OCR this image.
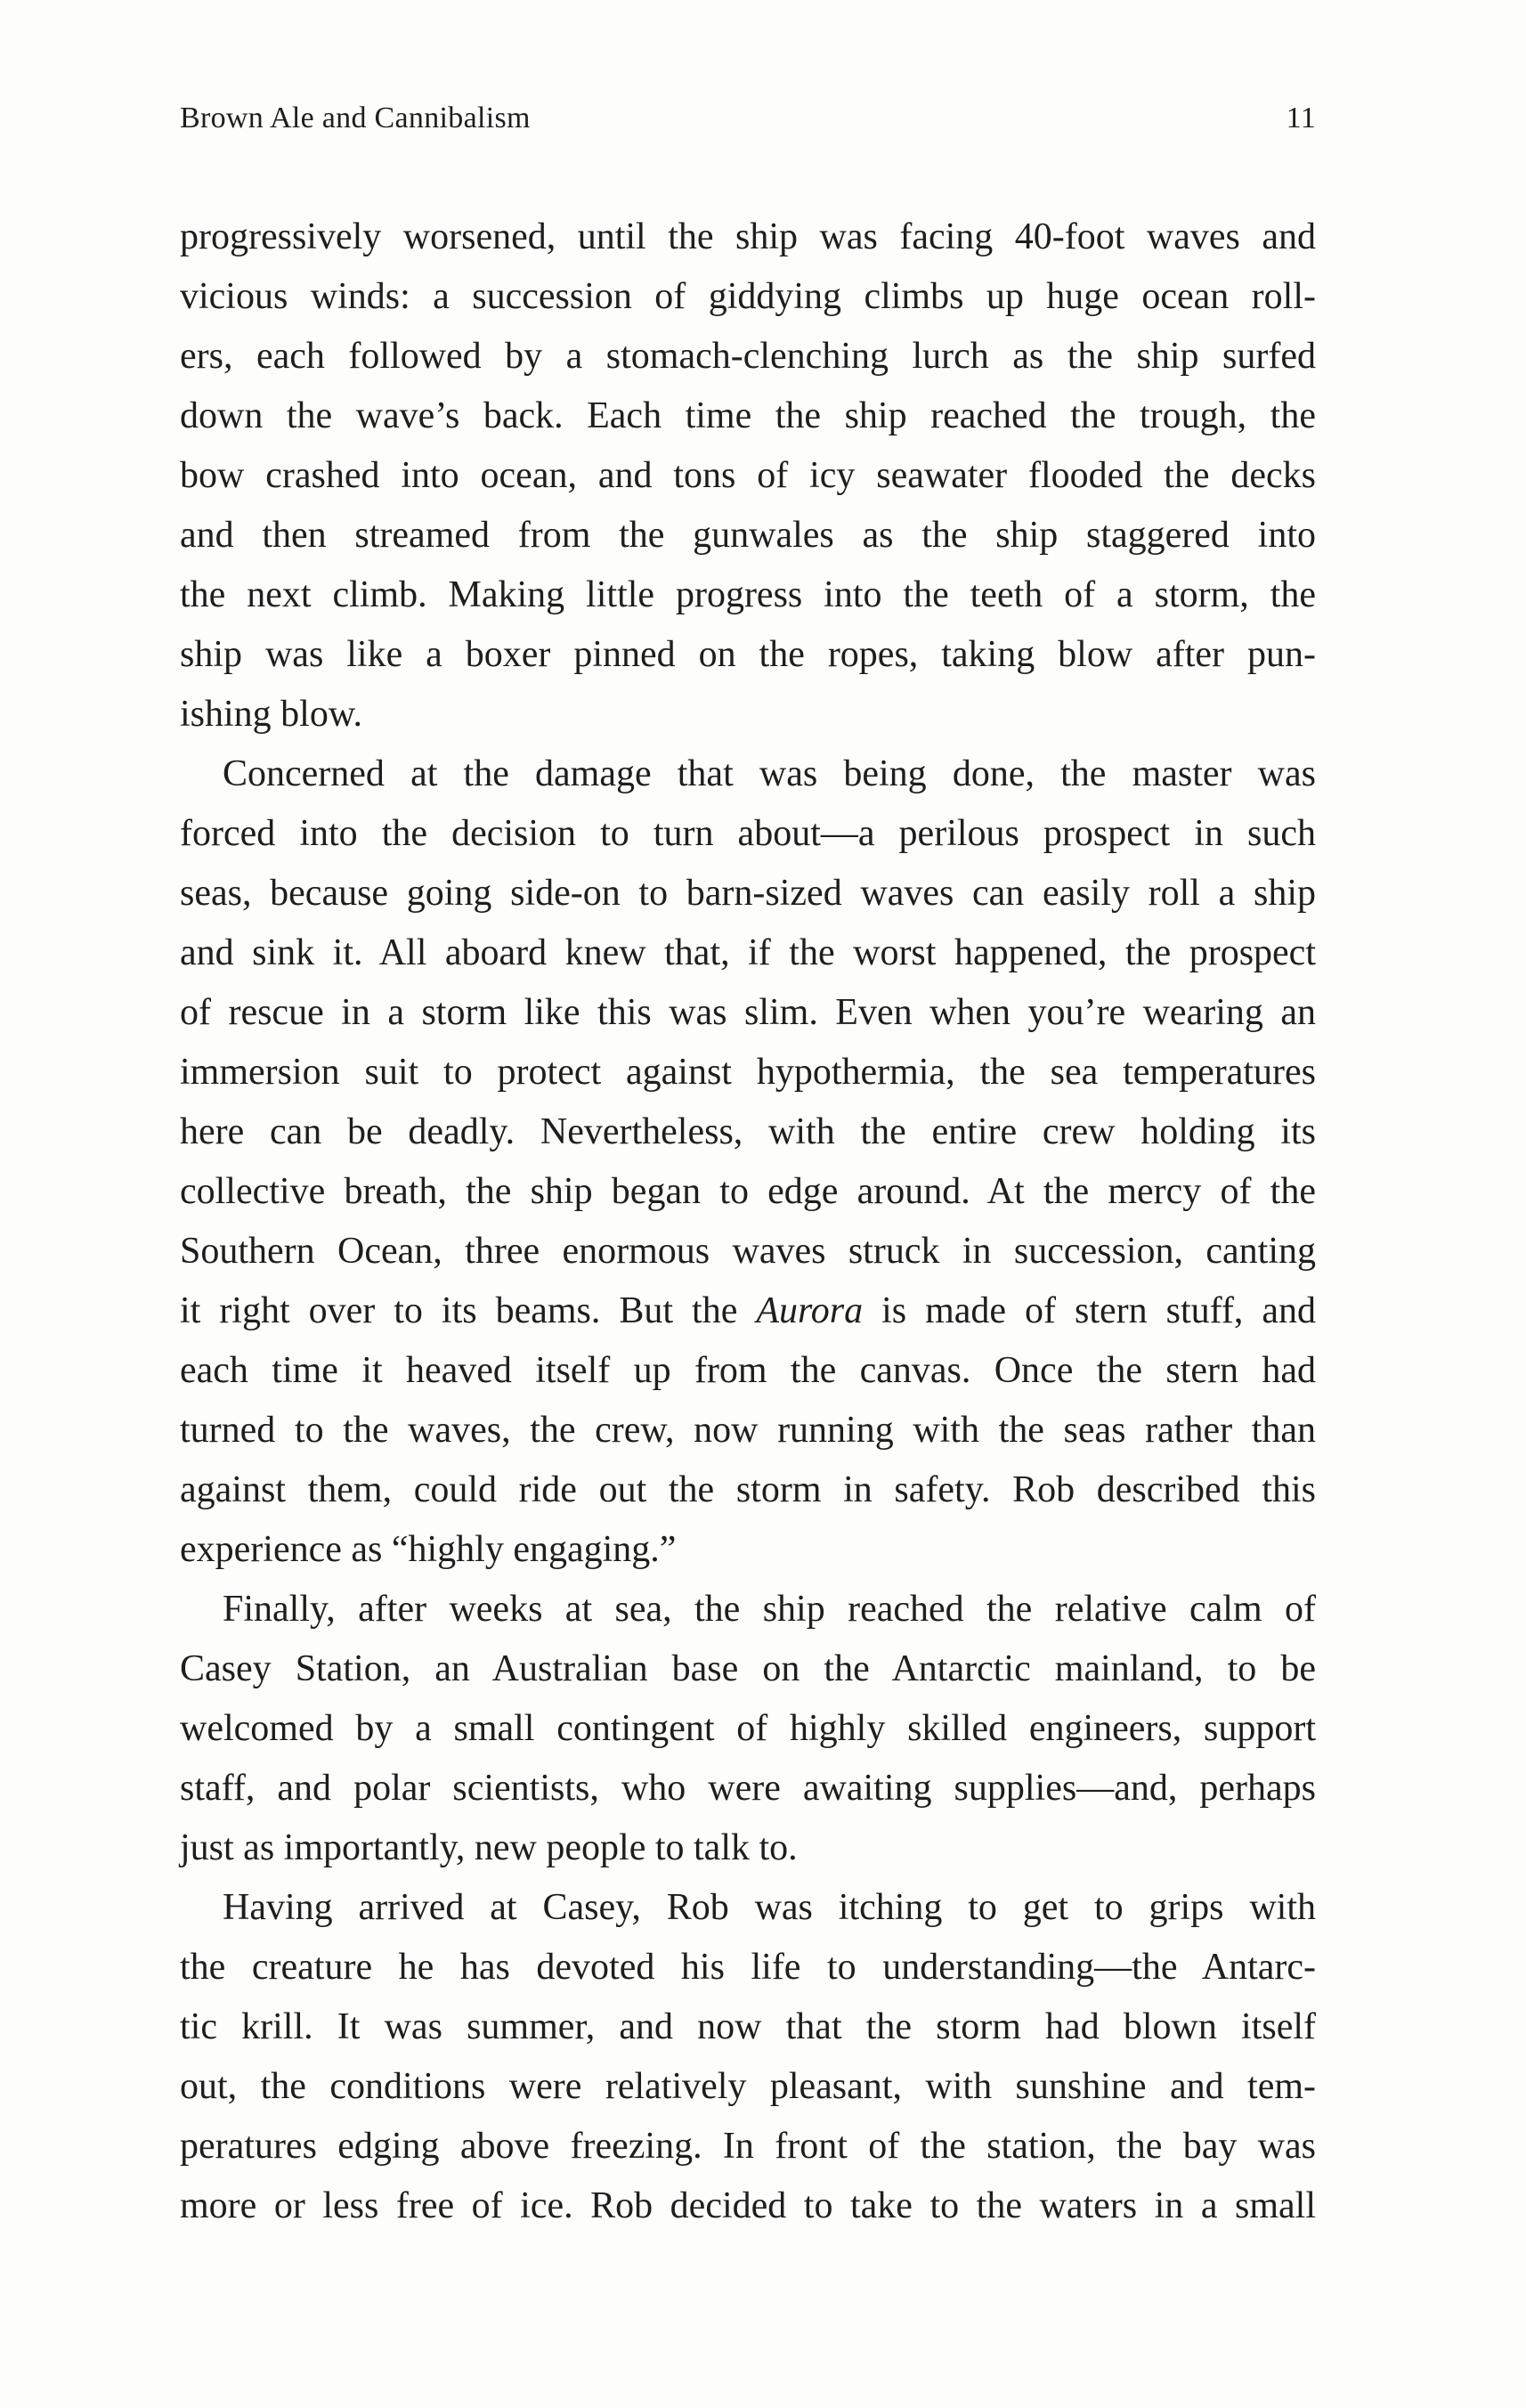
Brown Ale and Cannibalism	11

progressively worsened, until the ship was facing 40-foot waves and
vicious winds: a succession of giddying climbs up huge ocean roll-
ers, each followed by a stomach-clenching lurch as the ship surfed
down the wave’s back. Each time the ship reached the trough, the
bow crashed into ocean, and tons of icy seawater flooded the decks
and then streamed from the gunwales as the ship staggered into
the next climb. Making little progress into the teeth of a storm, the
ship was like a boxer pinned on the ropes, taking blow after pun-
ishing blow.

Concerned at the damage that was being done, the master was
forced into the decision to turn about—a perilous prospect in such
seas, because going side-on to barn-sized waves can easily roll a ship
and sink it. All aboard knew that, if the worst happened, the prospect
of rescue in a storm like this was slim. Even when you’re wearing an
immersion suit to protect against hypothermia, the sea temperatures
here can be deadly. Nevertheless, with the entire crew holding its
collective breath, the ship began to edge around. At the mercy of the
Southern Ocean, three enormous waves struck in succession, canting
it right over to its beams. But the Aurora is made of stern stuff, and
each time it heaved itself up from the canvas. Once the stern had
turned to the waves, the crew, now running with the seas rather than
against them, could ride out the storm in safety. Rob described this
experience as “highly engaging.”

Finally, after weeks at sea, the ship reached the relative calm of
Casey Station, an Australian base on the Antarctic mainland, to be
welcomed by a small contingent of highly skilled engineers, support
staff, and polar scientists, who were awaiting supplies—and, perhaps
just as importantly, new people to talk to.

Having arrived at Casey, Rob was itching to get to grips with
the creature he has devoted his life to understanding—the Antarc-
tic krill. It was summer, and now that the storm had blown itself
out, the conditions were relatively pleasant, with sunshine and tem-
peratures edging above freezing. In front of the station, the bay was
more or less free of ice. Rob decided to take to the waters in a small
